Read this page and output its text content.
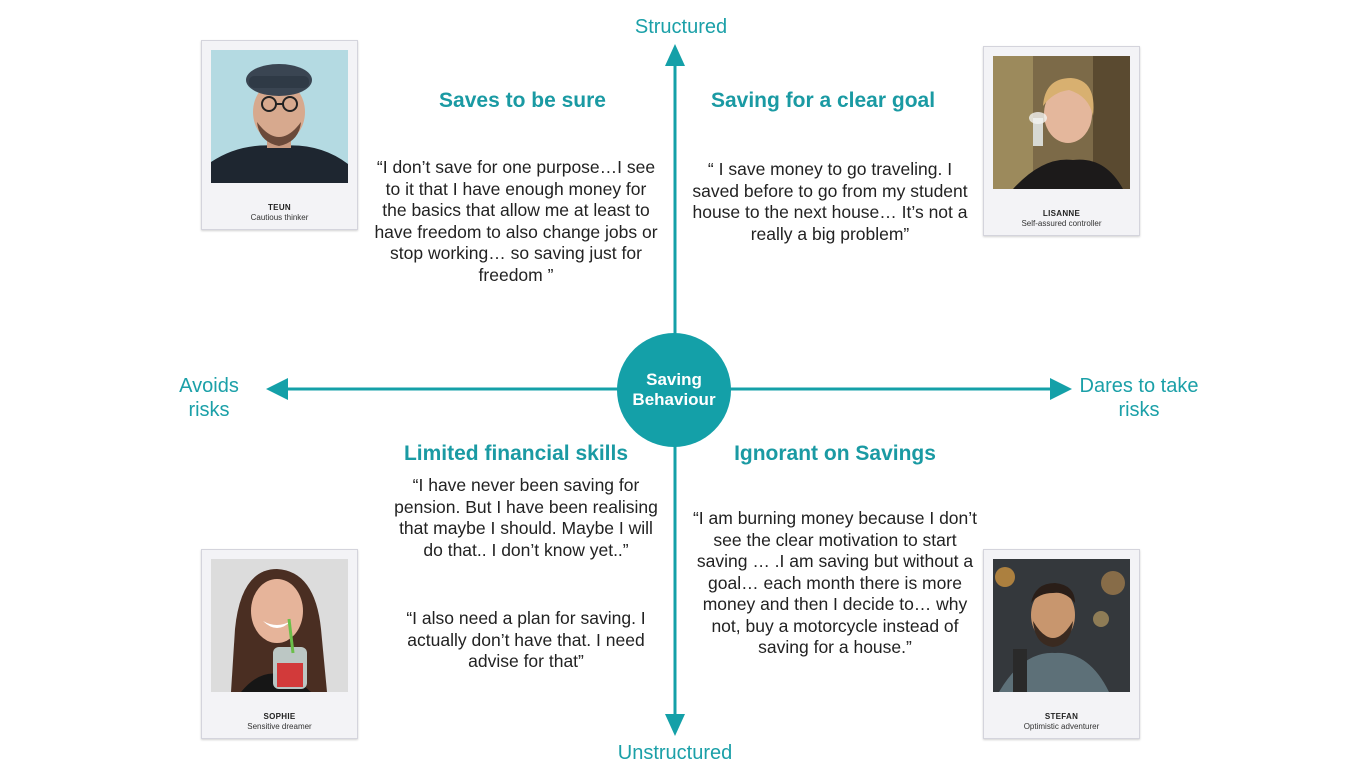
Structured
Unstructured
Avoids risks
Dares to take risks
Saving
Behaviour
Saves to be sure	Saving for a clear goal
Limited financial skills	Ignorant on Savings
“I don’t save for one purpose…I see to it that I have enough money for the basics that allow me at least to have freedom to also change jobs or stop working… so saving just for freedom ”
“ I save money to go traveling. I saved before to go from my student house to the next house… It’s not a really a big problem”
“I have never been saving for pension. But I have been realising that maybe I should. Maybe I will do that.. I don’t know yet..”
“I also need a plan for saving. I actually don’t have that. I need advise for that”
“I am burning money because I don’t see the clear motivation to start saving … .I am saving but without a goal… each month there is more money and then I decide to… why not, buy a motorcycle instead of saving for a house.”
TEUN
Cautious thinker	LISANNE
Self-assured controller
SOPHIE
Sensitive dreamer
STEFAN
Optimistic adventurer
